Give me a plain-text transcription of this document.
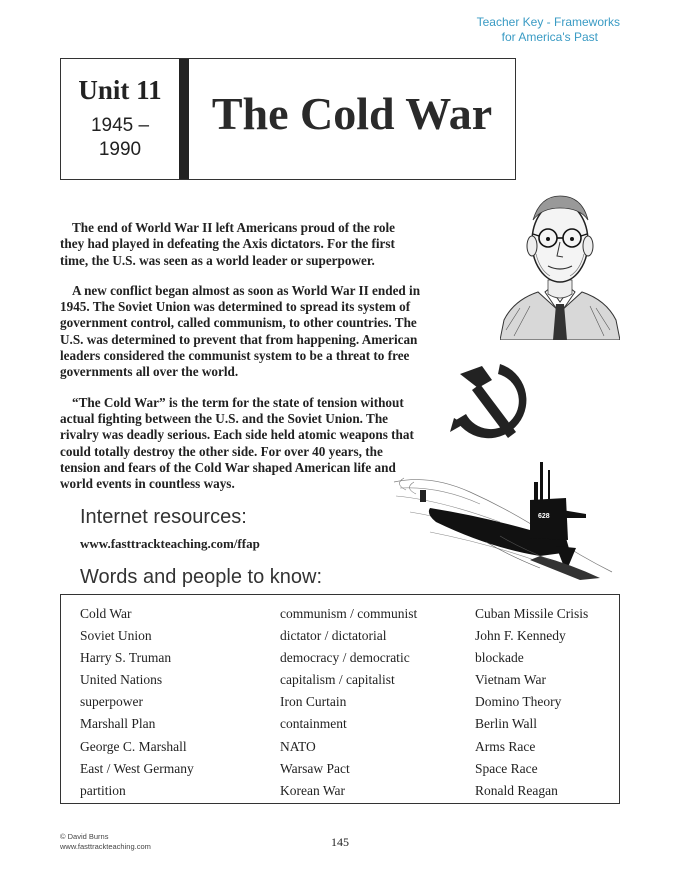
Teacher Key - Frameworks
for America's Past
Unit 11
1945 – 1990
The Cold War

The end of World War II left Americans proud of the role they had played in defeating the Axis dictators. For the first time, the U.S. was seen as a world leader or superpower.

A new conflict began almost as soon as World War II ended in 1945. The Soviet Union was determined to spread its system of government control, called communism, to other countries. The U.S. was determined to prevent that from happening. American leaders considered the communist system to be a threat to free governments all over the world.

“The Cold War” is the term for the state of tension without actual fighting between the U.S. and the Soviet Union. The rivalry was deadly serious. Each side held atomic weapons that could totally destroy the other side. For over 40 years, the tension and fears of the Cold War shaped American life and world events in countless ways.

628
Internet resources:
www.fasttrackteaching.com/ffap
Words and people to know:
Cold War
Soviet Union
Harry S. Truman
United Nations
superpower
Marshall Plan
George C. Marshall
East / West Germany
partition
communism / communist
dictator / dictatorial
democracy / democratic
capitalism / capitalist
Iron Curtain
containment
NATO
Warsaw Pact
Korean War
Cuban Missile Crisis
John F. Kennedy
blockade
Vietnam War
Domino Theory
Berlin Wall
Arms Race
Space Race
Ronald Reagan
© David Burns
www.fasttrackteaching.com	145
